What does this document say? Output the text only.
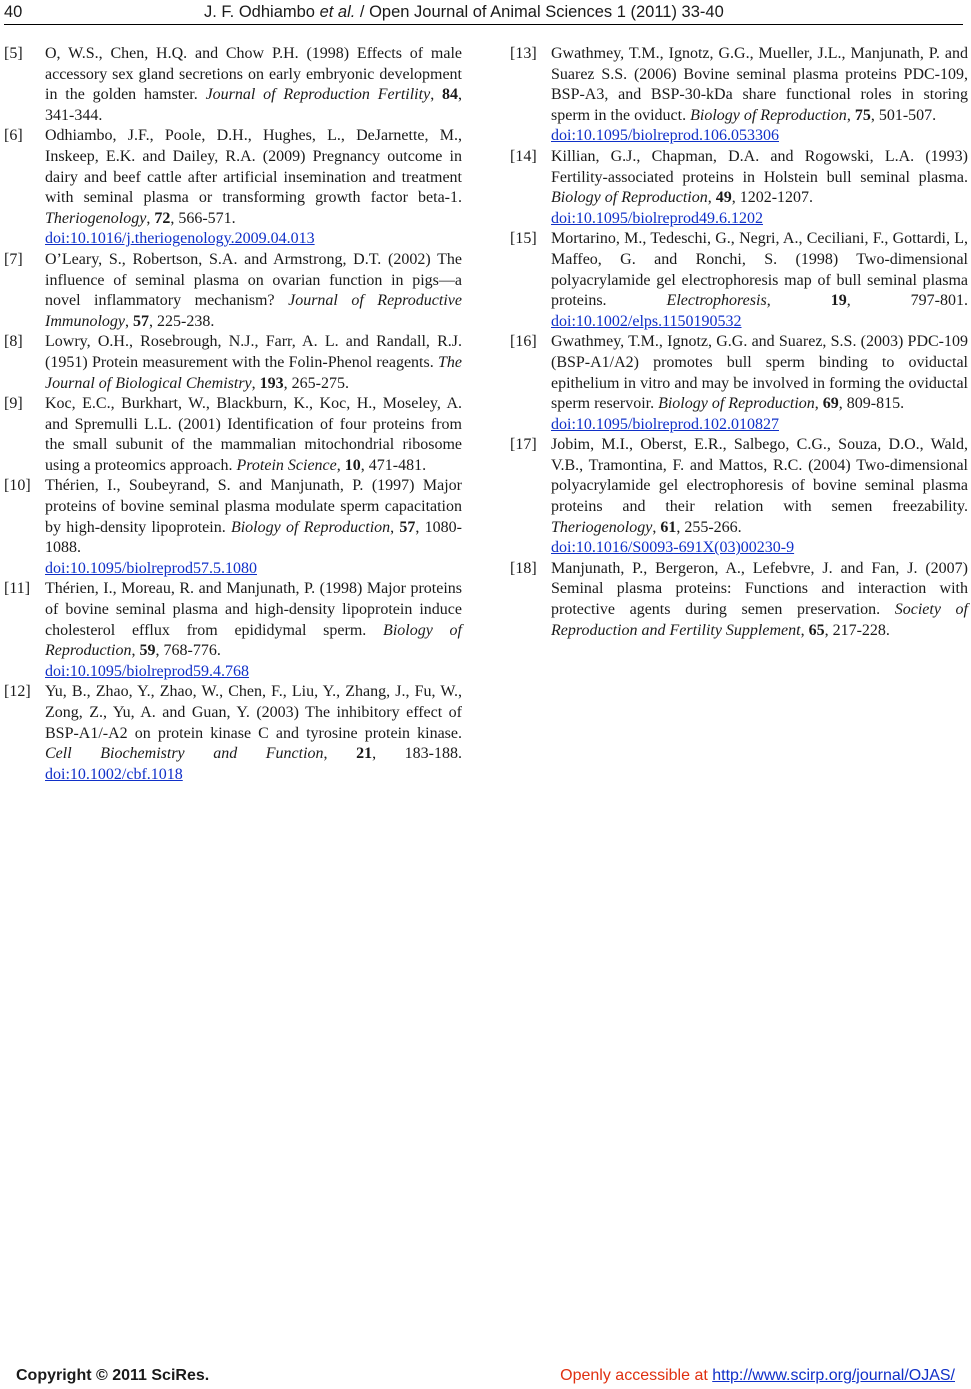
40	J. F. Odhiambo et al. / Open Journal of Animal Sciences 1 (2011) 33-40
[5] O, W.S., Chen, H.Q. and Chow P.H. (1998) Effects of male accessory sex gland secretions on early embryonic development in the golden hamster. Journal of Reproduction Fertility, 84, 341-344.
[6] Odhiambo, J.F., Poole, D.H., Hughes, L., DeJarnette, M., Inskeep, E.K. and Dailey, R.A. (2009) Pregnancy outcome in dairy and beef cattle after artificial insemination and treatment with seminal plasma or transforming growth factor beta-1. Theriogenology, 72, 566-571.
doi:10.1016/j.theriogenology.2009.04.013
[7] O’Leary, S., Robertson, S.A. and Armstrong, D.T. (2002) The influence of seminal plasma on ovarian function in pigs—a novel inflammatory mechanism? Journal of Reproductive Immunology, 57, 225-238.
[8] Lowry, O.H., Rosebrough, N.J., Farr, A. L. and Randall, R.J. (1951) Protein measurement with the Folin-Phenol reagents. The Journal of Biological Chemistry, 193, 265-275.
[9] Koc, E.C., Burkhart, W., Blackburn, K., Koc, H., Moseley, A. and Spremulli L.L. (2001) Identification of four proteins from the small subunit of the mammalian mitochondrial ribosome using a proteomics approach. Protein Science, 10, 471-481.
[10] Thérien, I., Soubeyrand, S. and Manjunath, P. (1997) Major proteins of bovine seminal plasma modulate sperm capacitation by high-density lipoprotein. Biology of Reproduction, 57, 1080-1088.
doi:10.1095/biolreprod57.5.1080
[11] Thérien, I., Moreau, R. and Manjunath, P. (1998) Major proteins of bovine seminal plasma and high-density lipoprotein induce cholesterol efflux from epididymal sperm. Biology of Reproduction, 59, 768-776.
doi:10.1095/biolreprod59.4.768
[12] Yu, B., Zhao, Y., Zhao, W., Chen, F., Liu, Y., Zhang, J., Fu, W., Zong, Z., Yu, A. and Guan, Y. (2003) The inhibitory effect of BSP-A1/-A2 on protein kinase C and tyrosine protein kinase. Cell Biochemistry and Function, 21, 183-188. doi:10.1002/cbf.1018
[13] Gwathmey, T.M., Ignotz, G.G., Mueller, J.L., Manjunath, P. and Suarez S.S. (2006) Bovine seminal plasma proteins PDC-109, BSP-A3, and BSP-30-kDa share functional roles in storing sperm in the oviduct. Biology of Reproduction, 75, 501-507.
doi:10.1095/biolreprod.106.053306
[14] Killian, G.J., Chapman, D.A. and Rogowski, L.A. (1993) Fertility-associated proteins in Holstein bull seminal plasma. Biology of Reproduction, 49, 1202-1207.
doi:10.1095/biolreprod49.6.1202
[15] Mortarino, M., Tedeschi, G., Negri, A., Ceciliani, F., Gottardi, L, Maffeo, G. and Ronchi, S. (1998) Two-dimensional polyacrylamide gel electrophoresis map of bull seminal plasma proteins. Electrophoresis, 19, 797-801. doi:10.1002/elps.1150190532
[16] Gwathmey, T.M., Ignotz, G.G. and Suarez, S.S. (2003) PDC-109 (BSP-A1/A2) promotes bull sperm binding to oviductal epithelium in vitro and may be involved in forming the oviductal sperm reservoir. Biology of Reproduction, 69, 809-815.
doi:10.1095/biolreprod.102.010827
[17] Jobim, M.I., Oberst, E.R., Salbego, C.G., Souza, D.O., Wald, V.B., Tramontina, F. and Mattos, R.C. (2004) Two-dimensional polyacrylamide gel electrophoresis of bovine seminal plasma proteins and their relation with semen freezability. Theriogenology, 61, 255-266.
doi:10.1016/S0093-691X(03)00230-9
[18] Manjunath, P., Bergeron, A., Lefebvre, J. and Fan, J. (2007) Seminal plasma proteins: Functions and interaction with protective agents during semen preservation. Society of Reproduction and Fertility Supplement, 65, 217-228.
Copyright © 2011 SciRes.	Openly accessible at http://www.scirp.org/journal/OJAS/
